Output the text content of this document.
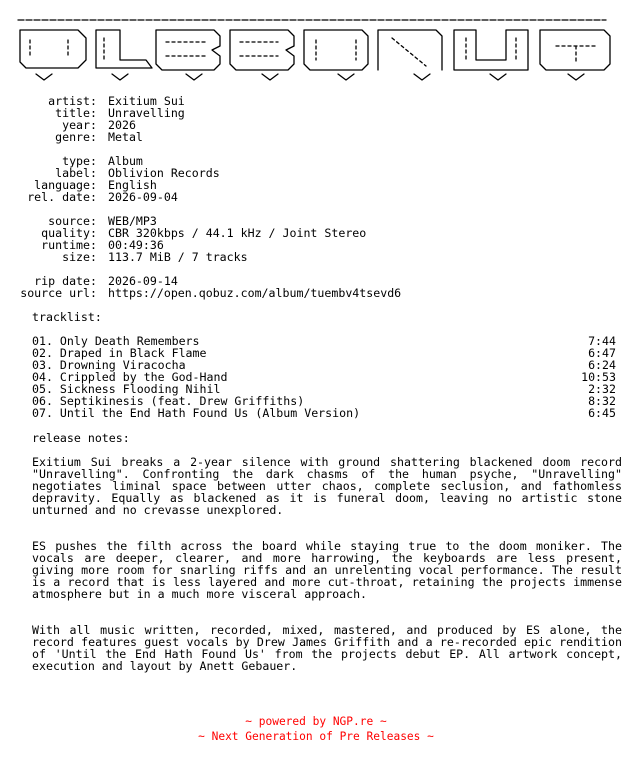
artist: Exitium Sui
title: Unravelling
year: 2026
genre: Metal
type: Album
label: Oblivion Records
language: English
rel. date: 2026-09-04
source: WEB/MP3
quality: CBR 320kbps / 44.1 kHz / Joint Stereo
runtime: 00:49:36
size: 113.7 MiB / 7 tracks
rip date: 2026-09-14
source url: https://open.qobuz.com/album/tuembv4tsevd6
tracklist:
01. Only Death Remembers	7:44
02. Draped in Black Flame	6:47
03. Drowning Viracocha	6:24
04. Crippled by the God-Hand	10:53
05. Sickness Flooding Nihil	2:32
06. Septikinesis (feat. Drew Griffiths)	8:32
07. Until the End Hath Found Us (Album Version)	6:45
release notes:

Exitium Sui breaks a 2-year silence with ground shattering blackened doom record "Unravelling". Confronting the dark chasms of the human psyche, "Unravelling" negotiates liminal space between utter chaos, complete seclusion, and fathomless depravity. Equally as blackened as it is funeral doom, leaving no artistic stone unturned and no crevasse unexplored.

ES pushes the filth across the board while staying true to the doom moniker. The vocals are deeper, clearer, and more harrowing, the keyboards are less present, giving more room for snarling riffs and an unrelenting vocal performance. The result is a record that is less layered and more cut-throat, retaining the projects immense atmosphere but in a much more visceral approach.

With all music written, recorded, mixed, mastered, and produced by ES alone, the record features guest vocals by Drew James Griffith and a re-recorded epic rendition of 'Until the End Hath Found Us' from the projects debut EP. All artwork concept, execution and layout by Anett Gebauer.

~ powered by NGP.re ~
~ Next Generation of Pre Releases ~
